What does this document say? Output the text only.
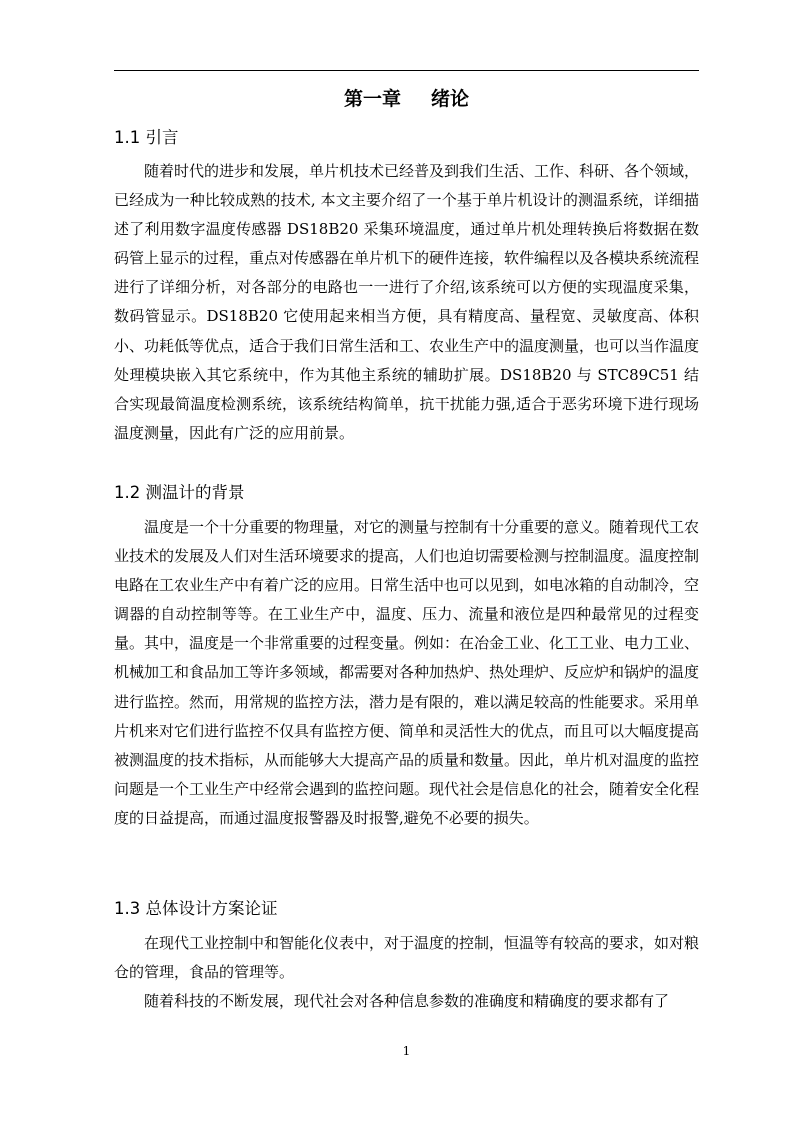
第一章 绪论
1.1 引言

随着时代的进步和发展，单片机技术已经普及到我们生活、工作、科研、各个领域，已经成为一种比较成熟的技术, 本文主要介绍了一个基于单片机设计的测温系统，详细描述了利用数字温度传感器 DS18B20 采集环境温度，通过单片机处理转换后将数据在数码管上显示的过程，重点对传感器在单片机下的硬件连接，软件编程以及各模块系统流程进行了详细分析，对各部分的电路也一一进行了介绍,该系统可以方便的实现温度采集，数码管显示。DS18B20 它使用起来相当方便，具有精度高、量程宽、灵敏度高、体积小、功耗低等优点，适合于我们日常生活和工、农业生产中的温度测量，也可以当作温度处理模块嵌入其它系统中，作为其他主系统的辅助扩展。DS18B20 与 STC89C51 结合实现最简温度检测系统，该系统结构简单，抗干扰能力强,适合于恶劣环境下进行现场温度测量，因此有广泛的应用前景。

1.2 测温计的背景

温度是一个十分重要的物理量，对它的测量与控制有十分重要的意义。随着现代工农业技术的发展及人们对生活环境要求的提高，人们也迫切需要检测与控制温度。温度控制电路在工农业生产中有着广泛的应用。日常生活中也可以见到，如电冰箱的自动制冷，空调器的自动控制等等。在工业生产中，温度、压力、流量和液位是四种最常见的过程变量。其中，温度是一个非常重要的过程变量。例如：在冶金工业、化工工业、电力工业、机械加工和食品加工等许多领域，都需要对各种加热炉、热处理炉、反应炉和锅炉的温度进行监控。然而，用常规的监控方法，潜力是有限的，难以满足较高的性能要求。采用单片机来对它们进行监控不仅具有监控方便、简单和灵活性大的优点，而且可以大幅度提高被测温度的技术指标，从而能够大大提高产品的质量和数量。因此，单片机对温度的监控问题是一个工业生产中经常会遇到的监控问题。现代社会是信息化的社会，随着安全化程度的日益提高，而通过温度报警器及时报警,避免不必要的损失。

1.3 总体设计方案论证

在现代工业控制中和智能化仪表中，对于温度的控制，恒温等有较高的要求，如对粮仓的管理，食品的管理等。

随着科技的不断发展，现代社会对各种信息参数的准确度和精确度的要求都有了

1
